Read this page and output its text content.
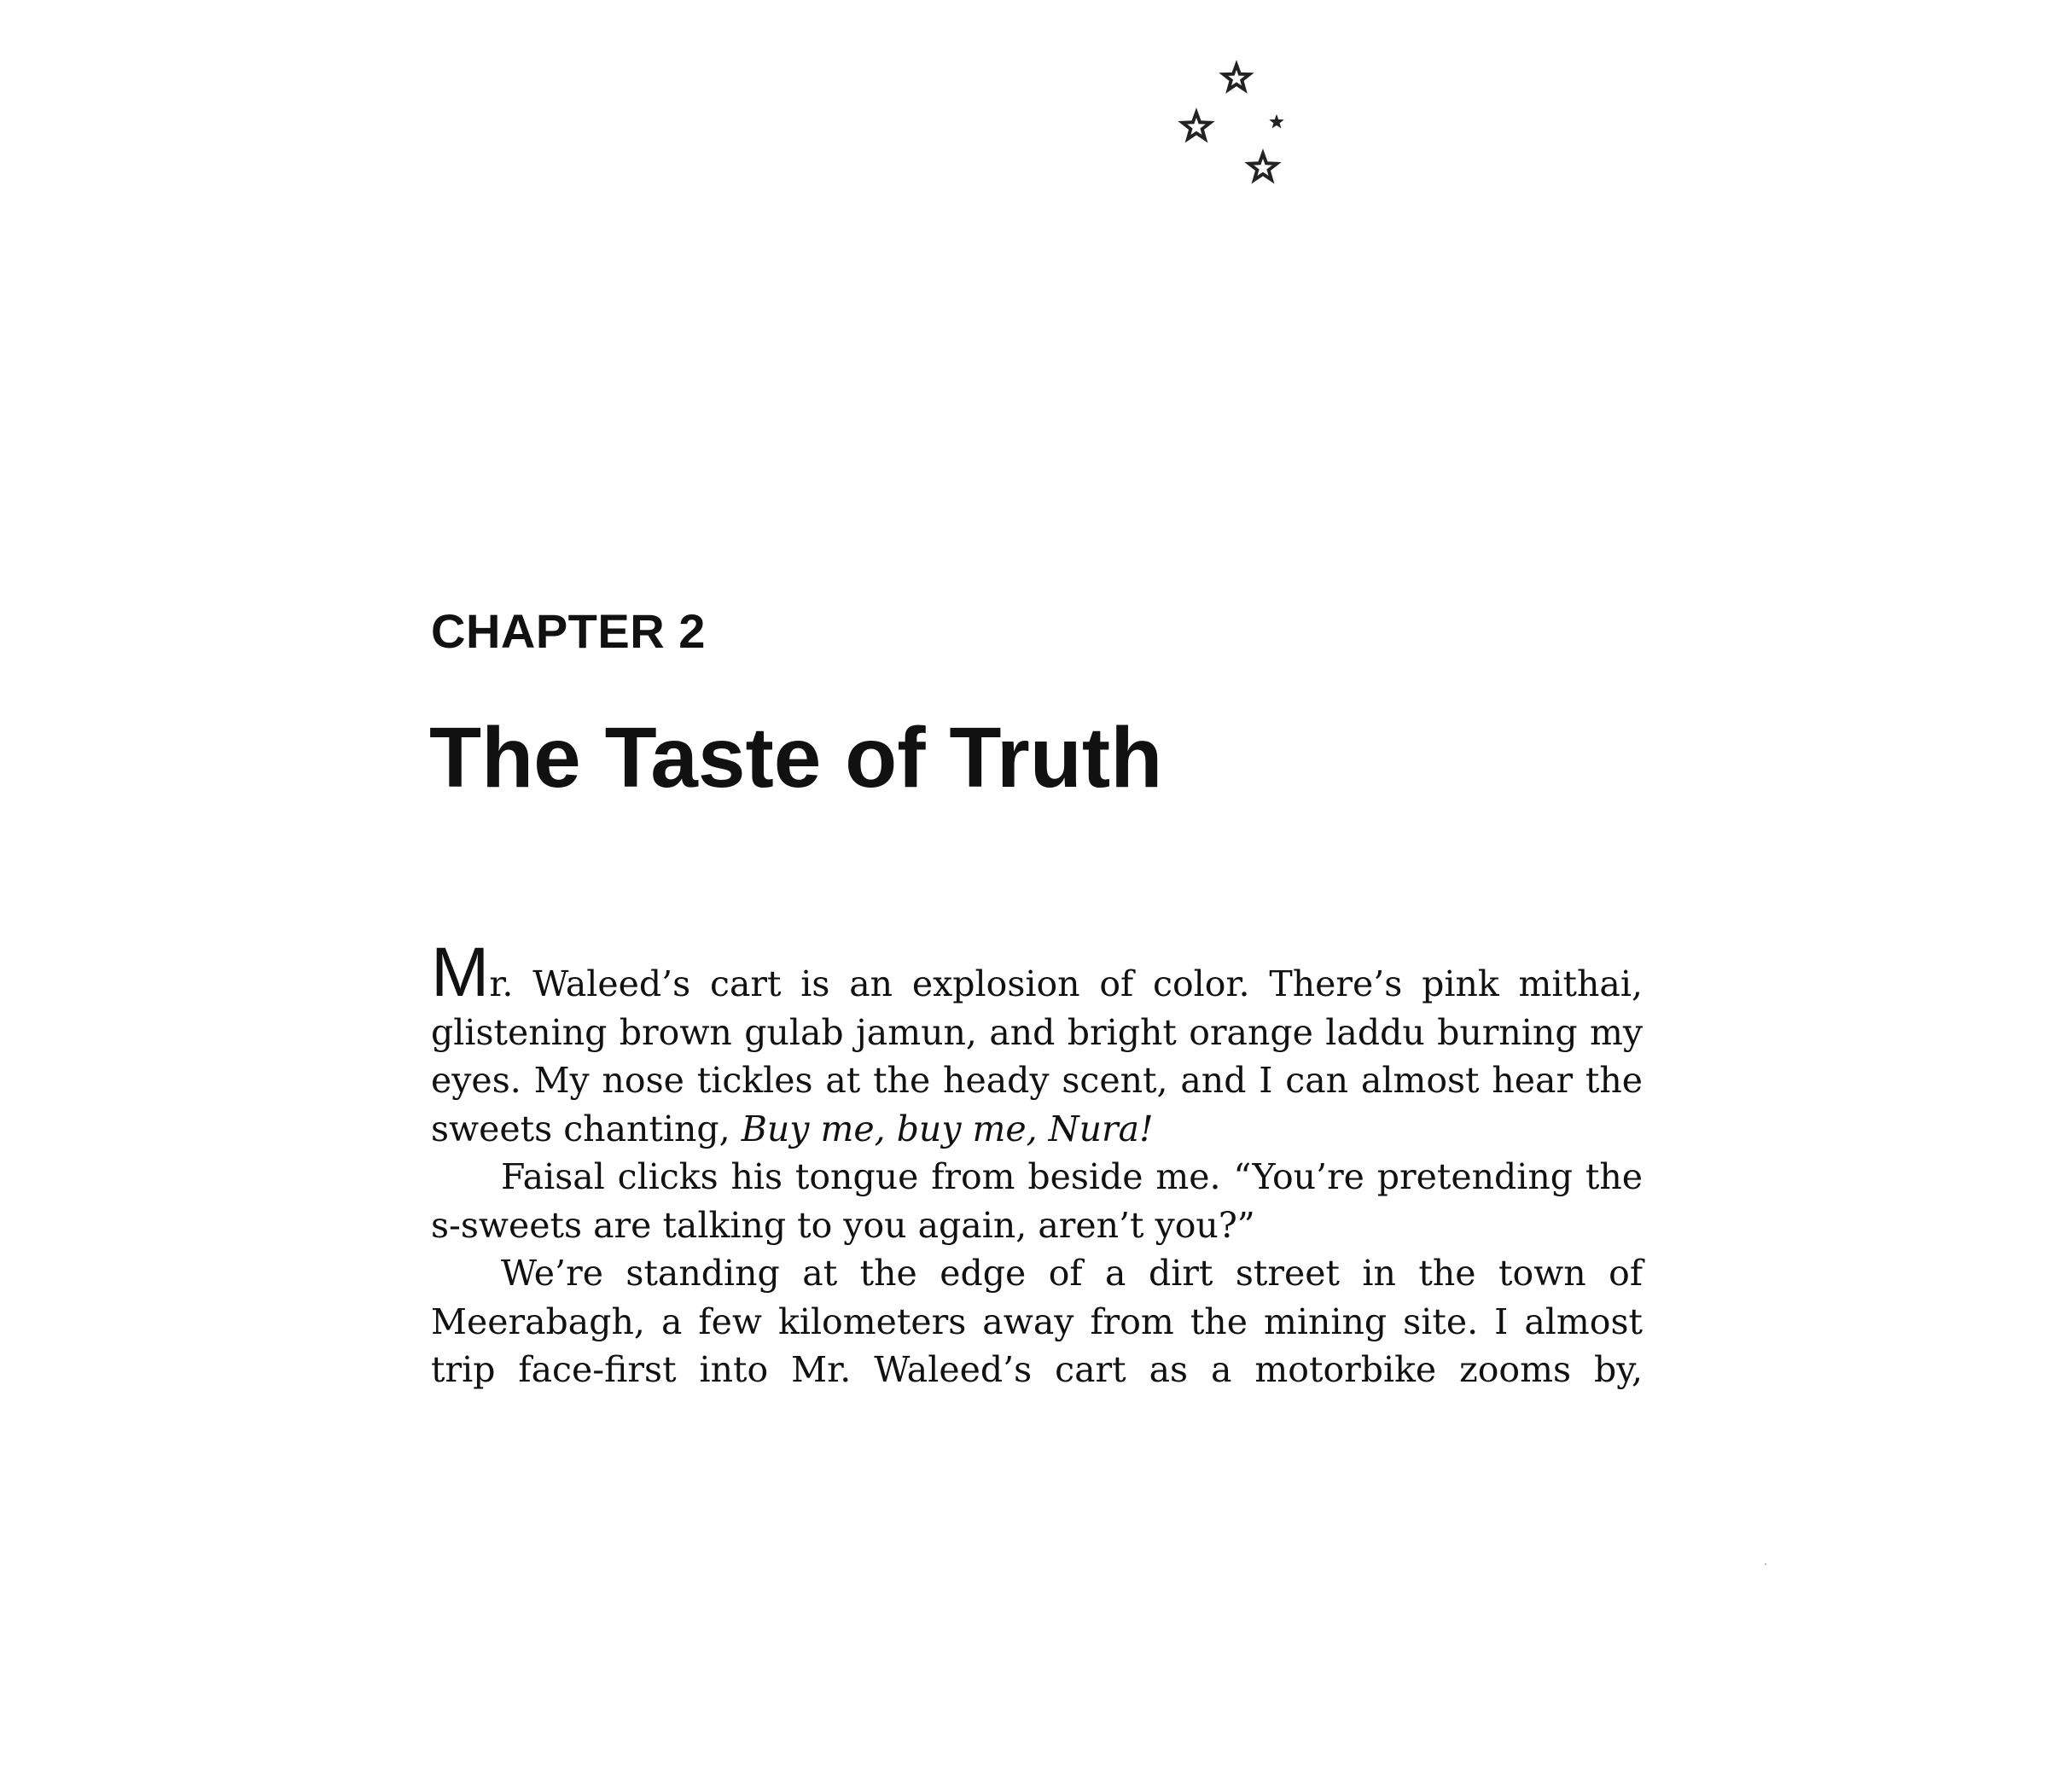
CHAPTER 2
The Taste of Truth

Mr. Waleed’s cart is an explosion of color. There’s pink mithai, glistening brown gulab jamun, and bright orange laddu burning my eyes. My nose tickles at the heady scent, and I can almost hear the sweets chanting, Buy me, buy me, Nura!

Faisal clicks his tongue from beside me. “You’re pretending the s-sweets are talking to you again, aren’t you?”

We’re standing at the edge of a dirt street in the town of Meerabagh, a few kilometers away from the mining site. I almost trip face-first into Mr. Waleed’s cart as a motorbike zooms by,
